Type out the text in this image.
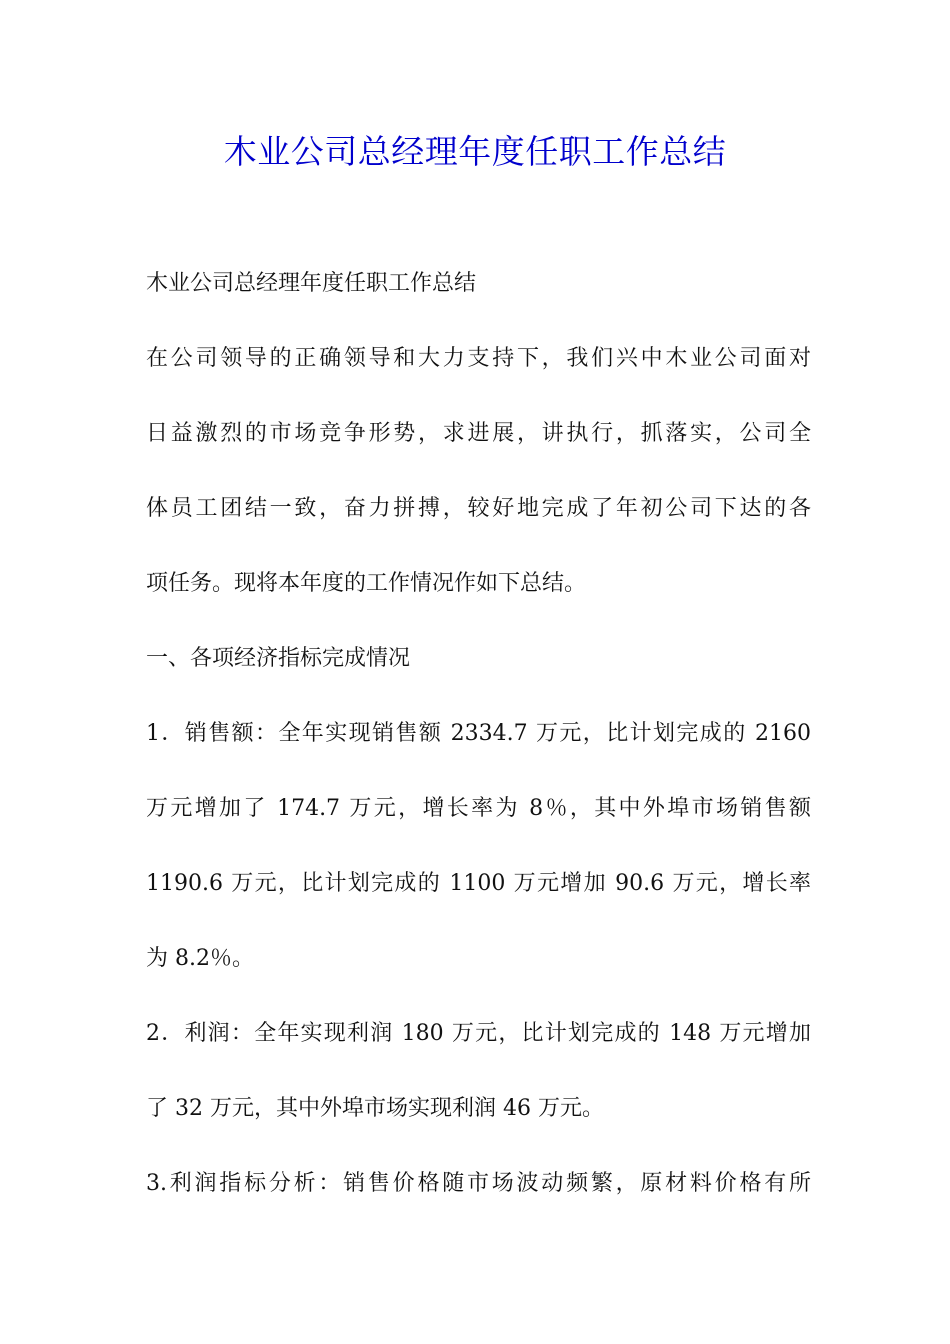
木业公司总经理年度任职工作总结

木业公司总经理年度任职工作总结

在公司领导的正确领导和大力支持下，我们兴中木业公司面对

日益激烈的市场竞争形势，求进展，讲执行，抓落实，公司全

体员工团结一致，奋力拼搏，较好地完成了年初公司下达的各

项任务。现将本年度的工作情况作如下总结。

一、各项经济指标完成情况

1．销售额：全年实现销售额 2334.7 万元，比计划完成的 2160

万元增加了 174.7 万元，增长率为 8％，其中外埠市场销售额

1190.6 万元，比计划完成的 1100 万元增加 90.6 万元，增长率

为 8.2％。

2．利润：全年实现利润 180 万元，比计划完成的 148 万元增加

了 32 万元，其中外埠市场实现利润 46 万元。

3.利润指标分析：销售价格随市场波动频繁，原材料价格有所
